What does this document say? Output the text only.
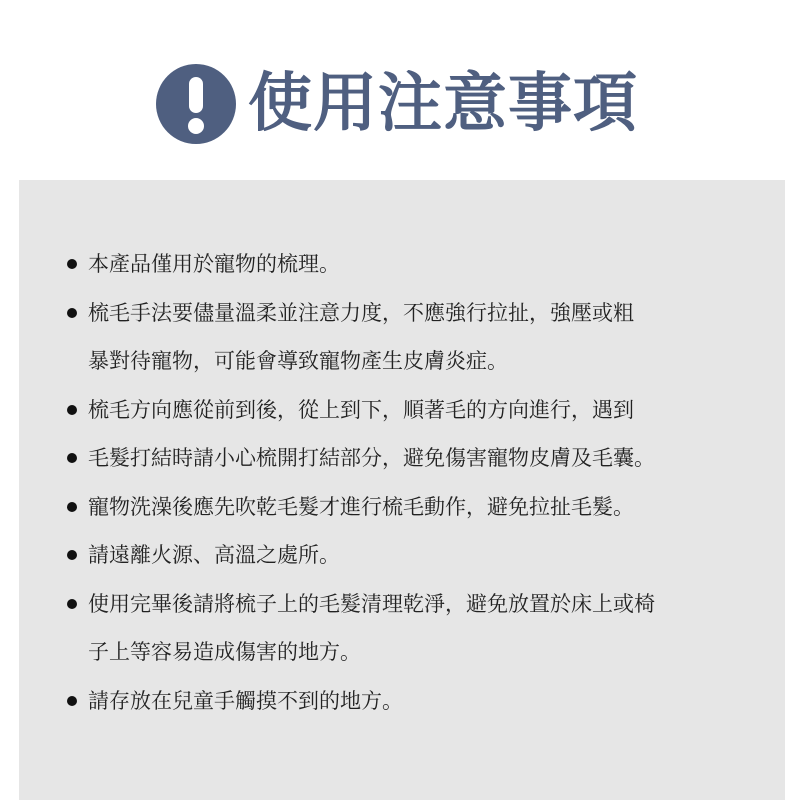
使用注意事項
本產品僅用於寵物的梳理。
梳毛手法要儘量溫柔並注意力度，不應強行拉扯，強壓或粗
暴對待寵物，可能會導致寵物產生皮膚炎症。
梳毛方向應從前到後，從上到下，順著毛的方向進行，遇到
毛髮打結時請小心梳開打結部分，避免傷害寵物皮膚及毛囊。
寵物洗澡後應先吹乾毛髮才進行梳毛動作，避免拉扯毛髮。
請遠離火源、高溫之處所。
使用完畢後請將梳子上的毛髮清理乾淨，避免放置於床上或椅
子上等容易造成傷害的地方。
請存放在兒童手觸摸不到的地方。
